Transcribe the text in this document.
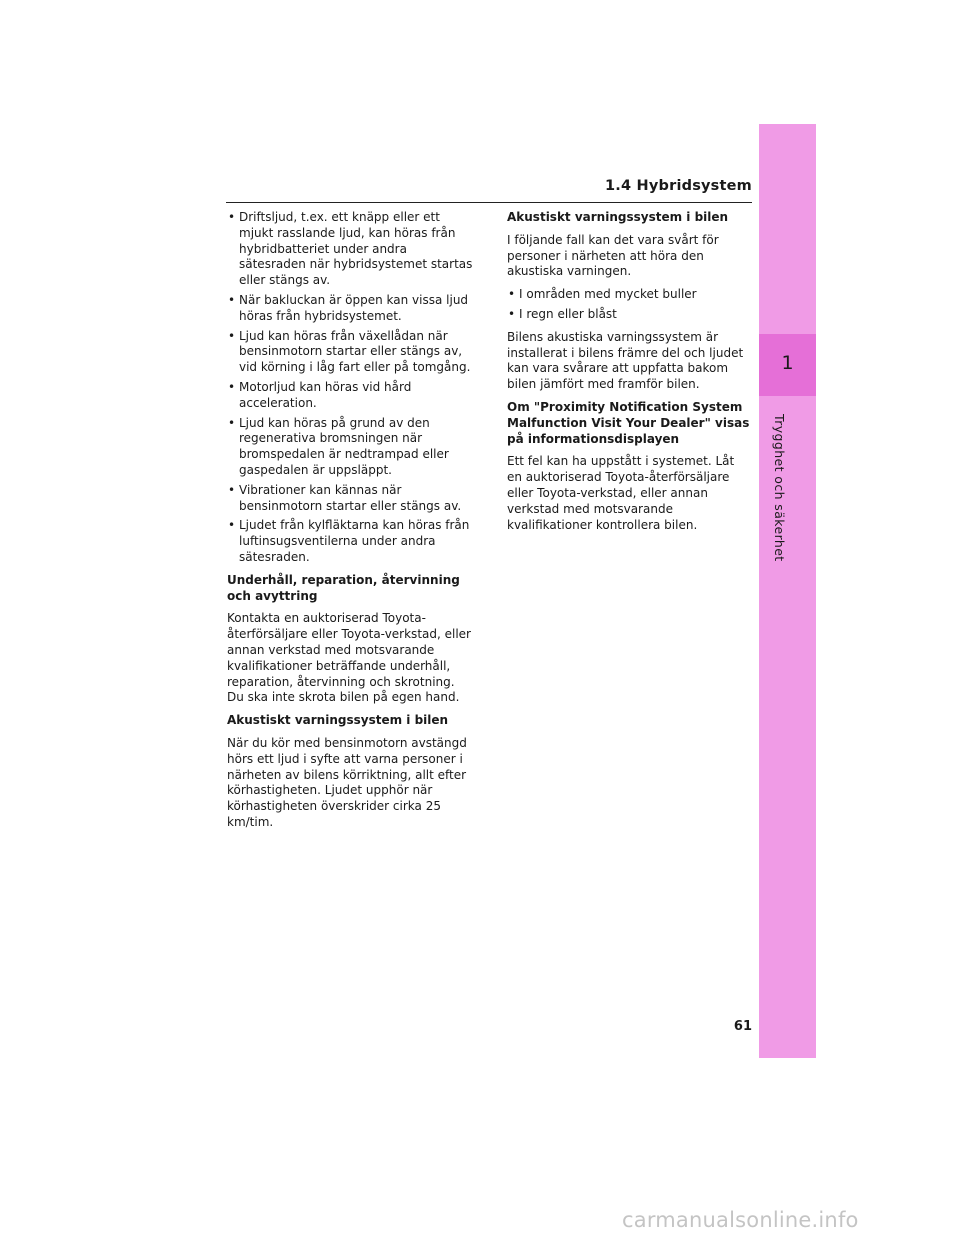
1.4 Hybridsystem
1
Trygghet och säkerhet
• Driftsljud, t.ex. ett knäpp eller ett mjukt rasslande ljud, kan höras från hybridbatteriet under andra sätesraden när hybridsystemet startas eller stängs av.
• När bakluckan är öppen kan vissa ljud höras från hybridsystemet.
• Ljud kan höras från växellådan när bensinmotorn startar eller stängs av, vid körning i låg fart eller på tomgång.
• Motorljud kan höras vid hård acceleration.
• Ljud kan höras på grund av den regenerativa bromsningen när bromspedalen är nedtrampad eller gaspedalen är uppsläppt.
• Vibrationer kan kännas när bensinmotorn startar eller stängs av.
• Ljudet från kylfläktarna kan höras från luftinsugsventilerna under andra sätesraden.
Underhåll, reparation, återvinning och avyttring

Kontakta en auktoriserad Toyota-återförsäljare eller Toyota-verkstad, eller annan verkstad med motsvarande kvalifikationer beträffande underhåll, reparation, återvinning och skrotning. Du ska inte skrota bilen på egen hand.

Akustiskt varningssystem i bilen

När du kör med bensinmotorn avstängd hörs ett ljud i syfte att varna personer i närheten av bilens körriktning, allt efter körhastigheten. Ljudet upphör när körhastigheten överskrider cirka 25 km/tim.

Akustiskt varningssystem i bilen

I följande fall kan det vara svårt för personer i närheten att höra den akustiska varningen.

• I områden med mycket buller
• I regn eller blåst

Bilens akustiska varningssystem är installerat i bilens främre del och ljudet kan vara svårare att uppfatta bakom bilen jämfört med framför bilen.

Om "Proximity Notification System Malfunction Visit Your Dealer" visas på informationsdisplayen

Ett fel kan ha uppstått i systemet. Låt en auktoriserad Toyota-återförsäljare eller Toyota-verkstad, eller annan verkstad med motsvarande kvalifikationer kontrollera bilen.

61
carmanualsonline.info
